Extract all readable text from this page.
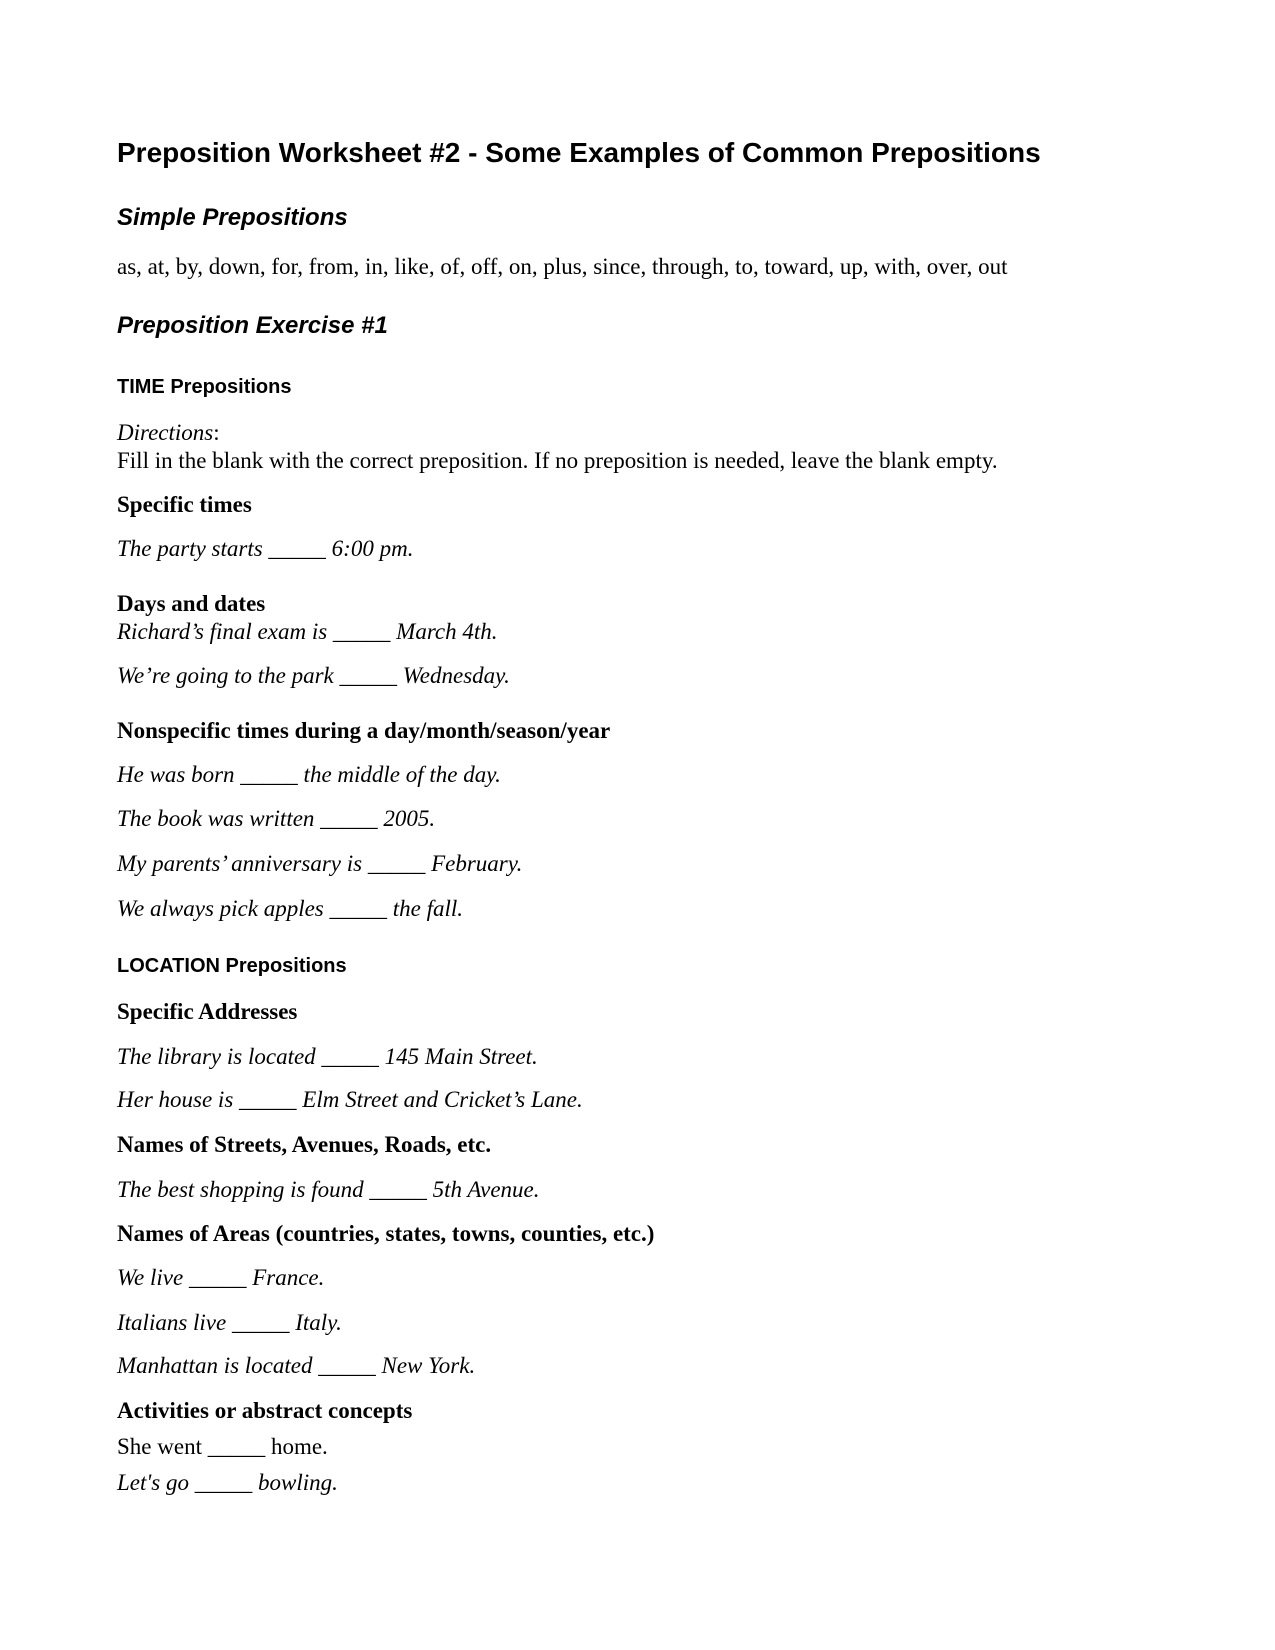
Preposition Worksheet #2 - Some Examples of Common Prepositions
Simple Prepositions
as, at, by, down, for, from, in, like, of, off, on, plus, since, through, to, toward, up, with, over, out
Preposition Exercise #1
TIME Prepositions
Directions:
Fill in the blank with the correct preposition. If no preposition is needed, leave the blank empty.
Specific times
The party starts _____ 6:00 pm.
Days and dates
Richard’s final exam is _____ March 4th.
We’re going to the park _____ Wednesday.
Nonspecific times during a day/month/season/year
He was born _____ the middle of the day.
The book was written _____ 2005.
My parents’ anniversary is _____ February.
We always pick apples _____ the fall.
LOCATION Prepositions
Specific Addresses
The library is located _____ 145 Main Street.
Her house is _____ Elm Street and Cricket’s Lane.
Names of Streets, Avenues, Roads, etc.
The best shopping is found _____ 5th Avenue.
Names of Areas (countries, states, towns, counties, etc.)
We live _____ France.
Italians live _____ Italy.
Manhattan is located _____ New York.
Activities or abstract concepts
She went _____ home.
Let's go _____ bowling.
